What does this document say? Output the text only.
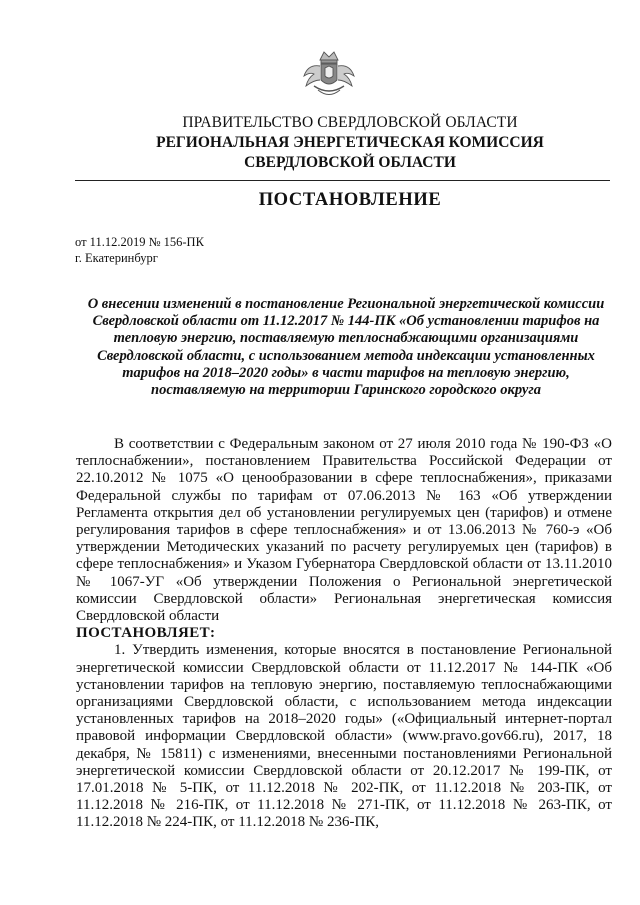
ПРАВИТЕЛЬСТВО СВЕРДЛОВСКОЙ ОБЛАСТИ
РЕГИОНАЛЬНАЯ ЭНЕРГЕТИЧЕСКАЯ КОМИССИЯ
СВЕРДЛОВСКОЙ ОБЛАСТИ
ПОСТАНОВЛЕНИЕ
от 11.12.2019 № 156-ПК
г. Екатеринбург
О внесении изменений в постановление Региональной энергетической комиссии Свердловской области от 11.12.2017 № 144-ПК «Об установлении тарифов на тепловую энергию, поставляемую теплоснабжающими организациями Свердловской области, с использованием метода индексации установленных тарифов на 2018–2020 годы» в части тарифов на тепловую энергию, поставляемую на территории Гаринского городского округа

В соответствии с Федеральным законом от 27 июля 2010 года № 190-ФЗ «О теплоснабжении», постановлением Правительства Российской Федерации от 22.10.2012 № 1075 «О ценообразовании в сфере теплоснабжения», приказами Федеральной службы по тарифам от 07.06.2013 № 163 «Об утверждении Регламента открытия дел об установлении регулируемых цен (тарифов) и отмене регулирования тарифов в сфере теплоснабжения» и от 13.06.2013 № 760-э «Об утверждении Методических указаний по расчету регулируемых цен (тарифов) в сфере теплоснабжения» и Указом Губернатора Свердловской области от 13.11.2010 № 1067-УГ «Об утверждении Положения о Региональной энергетической комиссии Свердловской области» Региональная энергетическая комиссия Свердловской области

ПОСТАНОВЛЯЕТ:

1. Утвердить изменения, которые вносятся в постановление Региональной энергетической комиссии Свердловской области от 11.12.2017 № 144-ПК «Об установлении тарифов на тепловую энергию, поставляемую теплоснабжающими организациями Свердловской области, с использованием метода индексации установленных тарифов на 2018–2020 годы» («Официальный интернет-портал правовой информации Свердловской области» (www.pravo.gov66.ru), 2017, 18 декабря, № 15811) с изменениями, внесенными постановлениями Региональной энергетической комиссии Свердловской области от 20.12.2017 № 199-ПК, от 17.01.2018 № 5-ПК, от 11.12.2018 № 202-ПК, от 11.12.2018 № 203-ПК, от 11.12.2018 № 216-ПК, от 11.12.2018 № 271-ПК, от 11.12.2018 № 263-ПК, от 11.12.2018 № 224-ПК, от 11.12.2018 № 236-ПК,
